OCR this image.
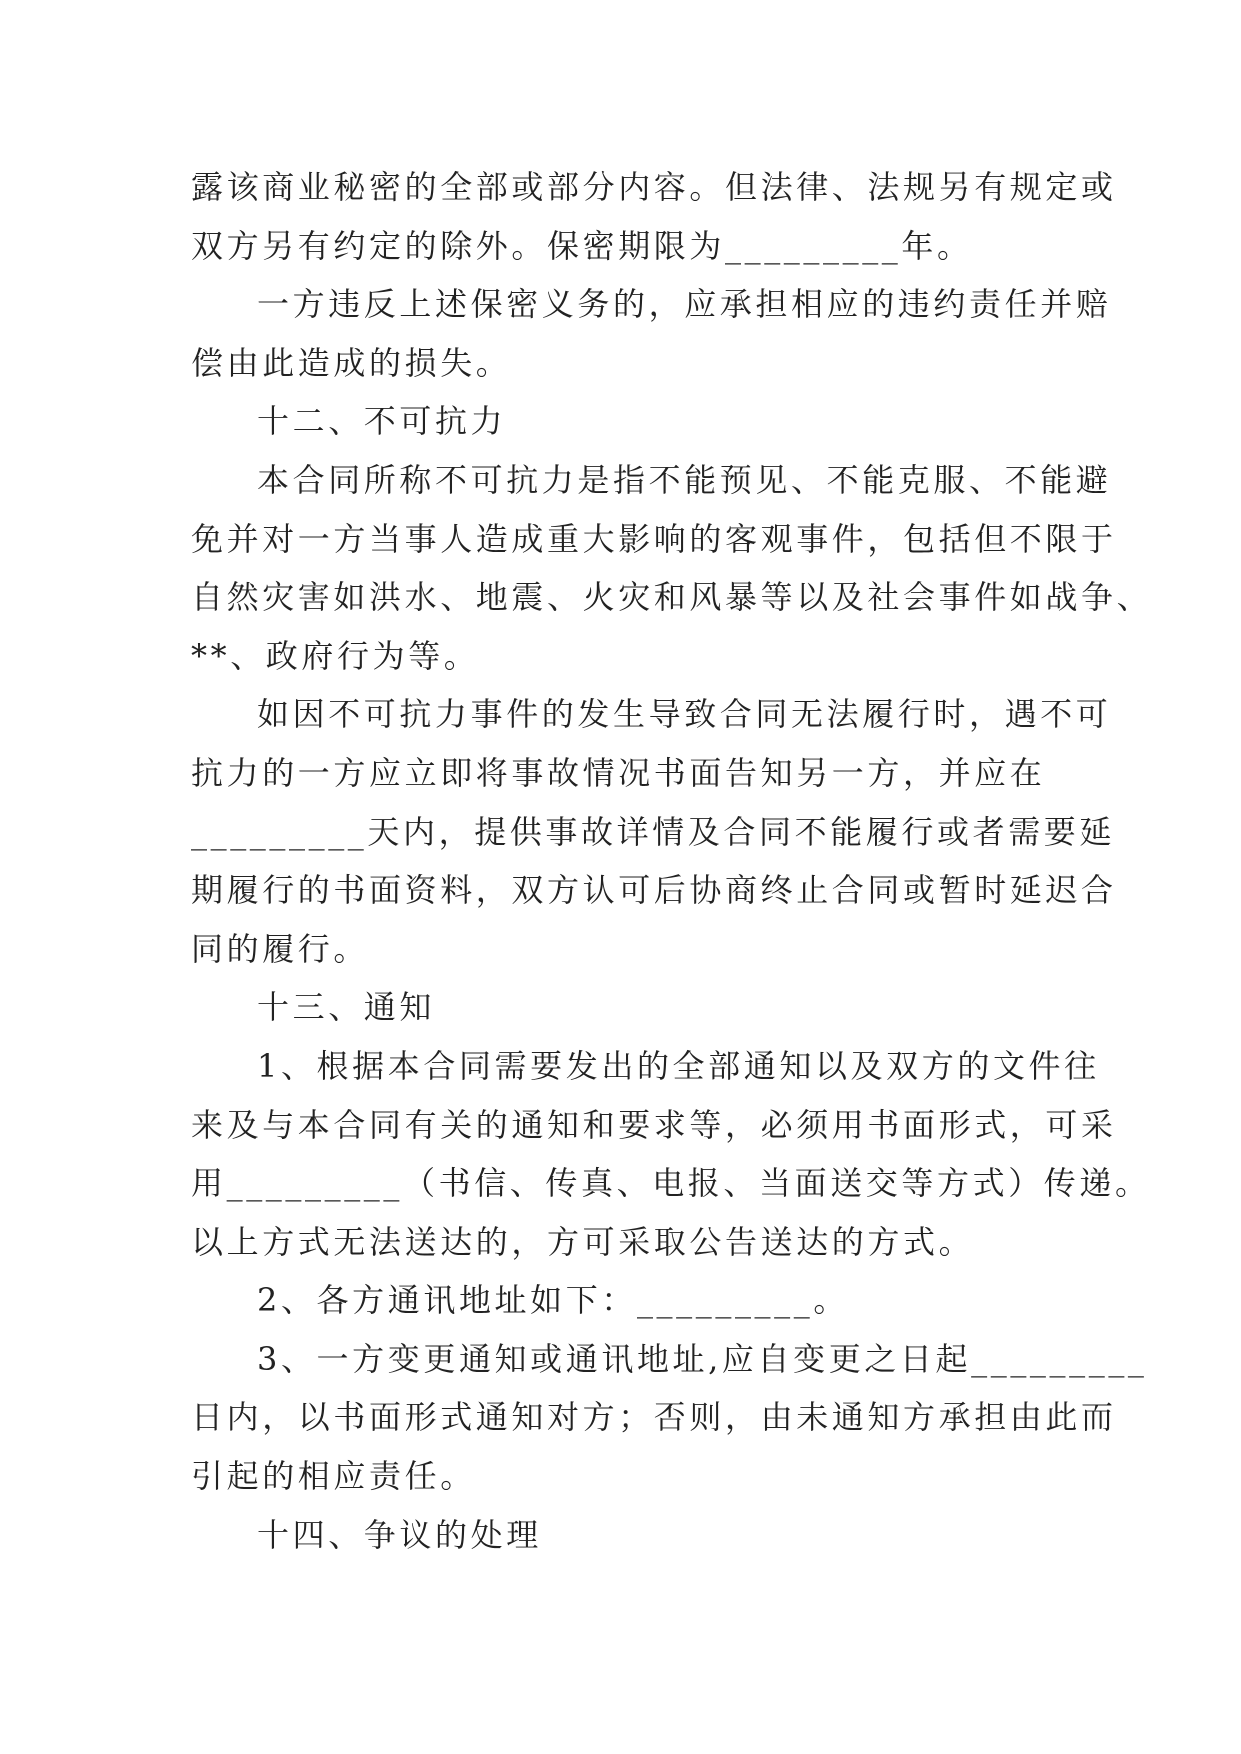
露该商业秘密的全部或部分内容。但法律、法规另有规定或
双方另有约定的除外。保密期限为_________年。
一方违反上述保密义务的，应承担相应的违约责任并赔
偿由此造成的损失。
十二、不可抗力
本合同所称不可抗力是指不能预见、不能克服、不能避
免并对一方当事人造成重大影响的客观事件，包括但不限于
自然灾害如洪水、地震、火灾和风暴等以及社会事件如战争、
**、政府行为等。
如因不可抗力事件的发生导致合同无法履行时，遇不可
抗力的一方应立即将事故情况书面告知另一方，并应在
_________天内，提供事故详情及合同不能履行或者需要延
期履行的书面资料，双方认可后协商终止合同或暂时延迟合
同的履行。
十三、通知
1、根据本合同需要发出的全部通知以及双方的文件往
来及与本合同有关的通知和要求等，必须用书面形式，可采
用_________（书信、传真、电报、当面送交等方式）传递。
以上方式无法送达的，方可采取公告送达的方式。
2、各方通讯地址如下：_________。
3、一方变更通知或通讯地址,应自变更之日起_________
日内，以书面形式通知对方；否则，由未通知方承担由此而
引起的相应责任。
十四、争议的处理
